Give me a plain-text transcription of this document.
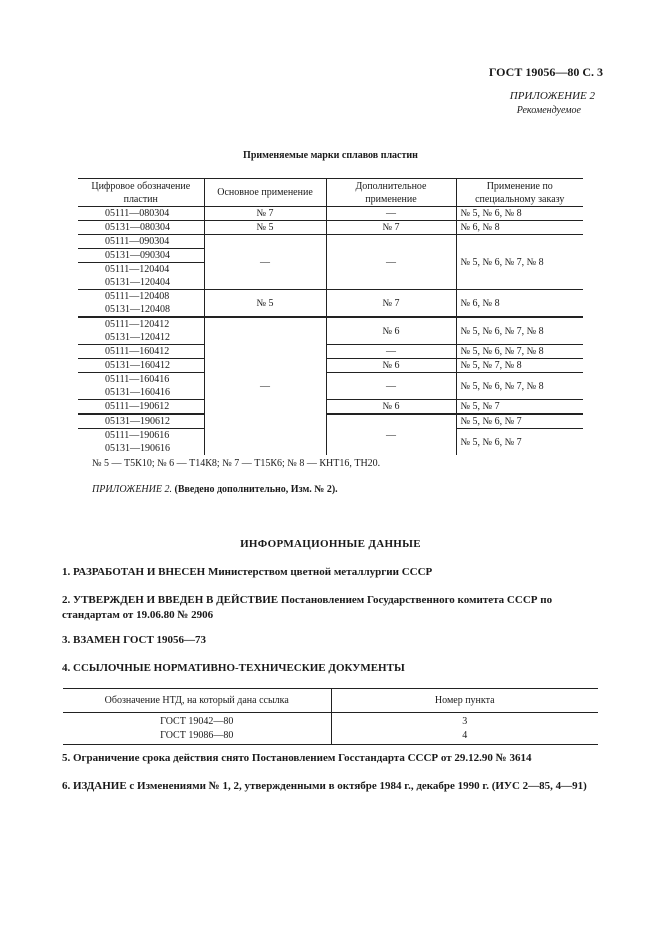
ГОСТ 19056—80 С. 3
ПРИЛОЖЕНИЕ 2
Рекомендуемое
Применяемые марки сплавов пластин
Цифровое обозначение пластин	Основное применение	Дополнительное применение	Применение по специальному заказу
05111—080304	№ 7	—	№ 5, № 6, № 8
05131—080304	№ 5	№ 7	№ 6, № 8
05111—090304	—	—	№ 5, № 6, № 7, № 8
05131—090304			
05111—120404			
05131—120404			
05111—120408	№ 5	№ 7	№ 6, № 8
05131—120408			
05111—120412	—	№ 6	№ 5, № 6, № 7, № 8
05131—120412			
05111—160412		—	№ 5, № 6, № 7, № 8
05131—160412		№ 6	№ 5, № 7, № 8
05111—160416		—	№ 5, № 6, № 7, № 8
05131—160416			
05111—190612		№ 6	№ 5, № 7
05131—190612		—	№ 5, № 6, № 7
05111—190616			№ 5, № 6, № 7
05131—190616			
№ 5 — Т5К10; № 6 — Т14К8; № 7 — Т15К6; № 8 — КНТ16, ТН20.
ПРИЛОЖЕНИЕ 2. (Введено дополнительно, Изм. № 2).
ИНФОРМАЦИОННЫЕ ДАННЫЕ
1. РАЗРАБОТАН И ВНЕСЕН Министерством цветной металлургии СССР
2. УТВЕРЖДЕН И ВВЕДЕН В ДЕЙСТВИЕ Постановлением Государственного комитета СССР по стандартам от 19.06.80 № 2906
3. ВЗАМЕН ГОСТ 19056—73
4. ССЫЛОЧНЫЕ НОРМАТИВНО-ТЕХНИЧЕСКИЕ ДОКУМЕНТЫ
Обозначение НТД, на который дана ссылка	Номер пункта
ГОСТ 19042—80	3
ГОСТ 19086—80	4
5. Ограничение срока действия снято Постановлением Госстандарта СССР от 29.12.90 № 3614
6. ИЗДАНИЕ с Изменениями № 1, 2, утвержденными в октябре 1984 г., декабре 1990 г. (ИУС 2—85, 4—91)
